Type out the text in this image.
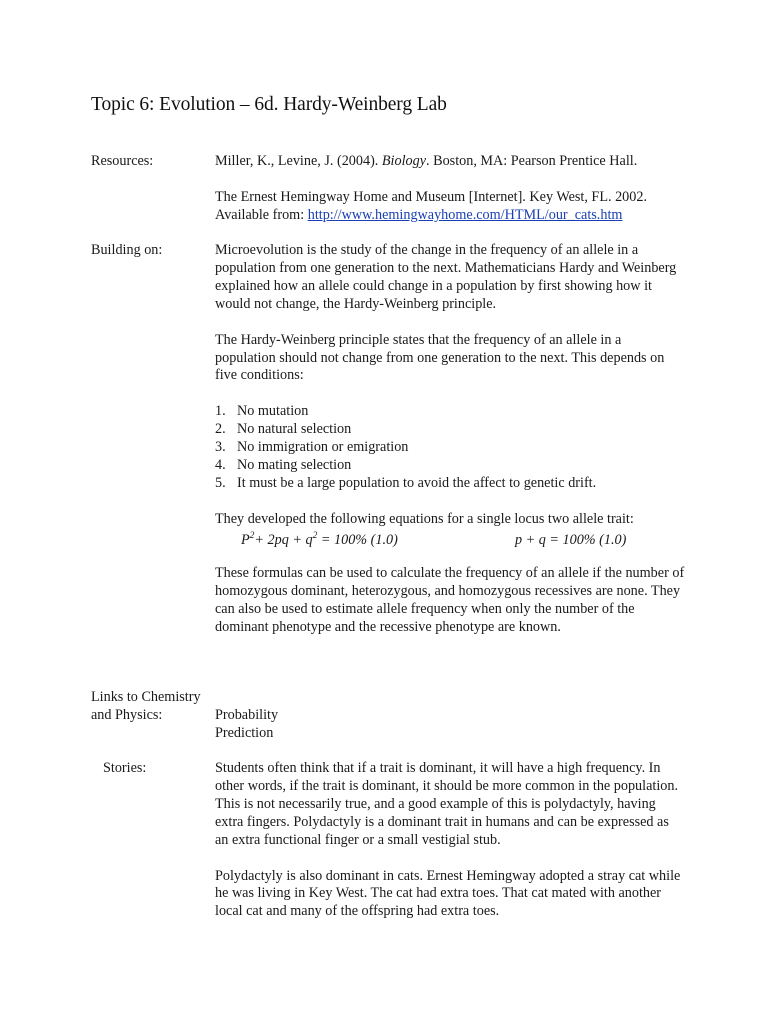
Topic 6: Evolution – 6d. Hardy-Weinberg Lab
Resources:	Miller, K., Levine, J. (2004). Biology. Boston, MA: Pearson Prentice Hall.

The Ernest Hemingway Home and Museum [Internet]. Key West, FL. 2002.
Available from: http://www.hemingwayhome.com/HTML/our_cats.htm

Building on:	Microevolution is the study of the change in the frequency of an allele in a population from one generation to the next. Mathematicians Hardy and Weinberg explained how an allele could change in a population by first showing how it would not change, the Hardy-Weinberg principle.

The Hardy-Weinberg principle states that the frequency of an allele in a population should not change from one generation to the next. This depends on five conditions:

1. No mutation
2. No natural selection
3. No immigration or emigration
4. No mating selection
5. It must be a large population to avoid the affect to genetic drift.

They developed the following equations for a single locus two allele trait:

$P^2+ 2pq + q^2 = 100\%$ (1.0)	p + q = 100% (1.0)

These formulas can be used to calculate the frequency of an allele if the number of homozygous dominant, heterozygous, and homozygous recessives are none. They can also be used to estimate allele frequency when only the number of the dominant phenotype and the recessive phenotype are known.

Links to Chemistry
and Physics:	Probability

Prediction

Stories:	Students often think that if a trait is dominant, it will have a high frequency. In other words, if the trait is dominant, it should be more common in the population. This is not necessarily true, and a good example of this is polydactyly, having extra fingers. Polydactyly is a dominant trait in humans and can be expressed as an extra functional finger or a small vestigial stub.

Polydactyly is also dominant in cats. Ernest Hemingway adopted a stray cat while he was living in Key West. The cat had extra toes. That cat mated with another local cat and many of the offspring had extra toes.
